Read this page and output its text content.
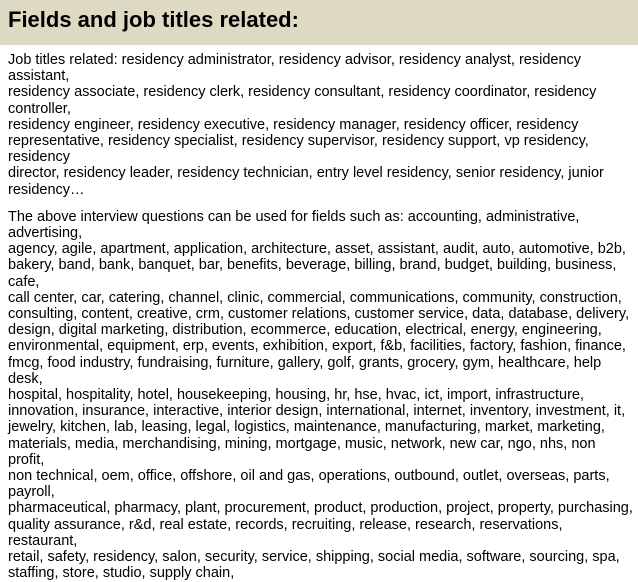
Fields and job titles related:

Job titles related: residency administrator, residency advisor, residency analyst, residency assistant,
residency associate, residency clerk, residency consultant, residency coordinator, residency controller,
residency engineer, residency executive, residency manager, residency officer, residency
representative, residency specialist, residency supervisor, residency support, vp residency, residency
director, residency leader, residency technician, entry level residency, senior residency, junior
residency…

The above interview questions can be used for fields such as: accounting, administrative, advertising,
agency, agile, apartment, application, architecture, asset, assistant, audit, auto, automotive, b2b,
bakery, band, bank, banquet, bar, benefits, beverage, billing, brand, budget, building, business, cafe,
call center, car, catering, channel, clinic, commercial, communications, community, construction,
consulting, content, creative, crm, customer relations, customer service, data, database, delivery,
design, digital marketing, distribution, ecommerce, education, electrical, energy, engineering,
environmental, equipment, erp, events, exhibition, export, f&b, facilities, factory, fashion, finance,
fmcg, food industry, fundraising, furniture, gallery, golf, grants, grocery, gym, healthcare, help desk,
hospital, hospitality, hotel, housekeeping, housing, hr, hse, hvac, ict, import, infrastructure,
innovation, insurance, interactive, interior design, international, internet, inventory, investment, it,
jewelry, kitchen, lab, leasing, legal, logistics, maintenance, manufacturing, market, marketing,
materials, media, merchandising, mining, mortgage, music, network, new car, ngo, nhs, non profit,
non technical, oem, office, offshore, oil and gas, operations, outbound, outlet, overseas, parts, payroll,
pharmaceutical, pharmacy, plant, procurement, product, production, project, property, purchasing,
quality assurance, r&d, real estate, records, recruiting, release, research, reservations, restaurant,
retail, safety, residency, salon, security, service, shipping, social media, software, sourcing, spa,
staffing, store, studio, supply chain,
